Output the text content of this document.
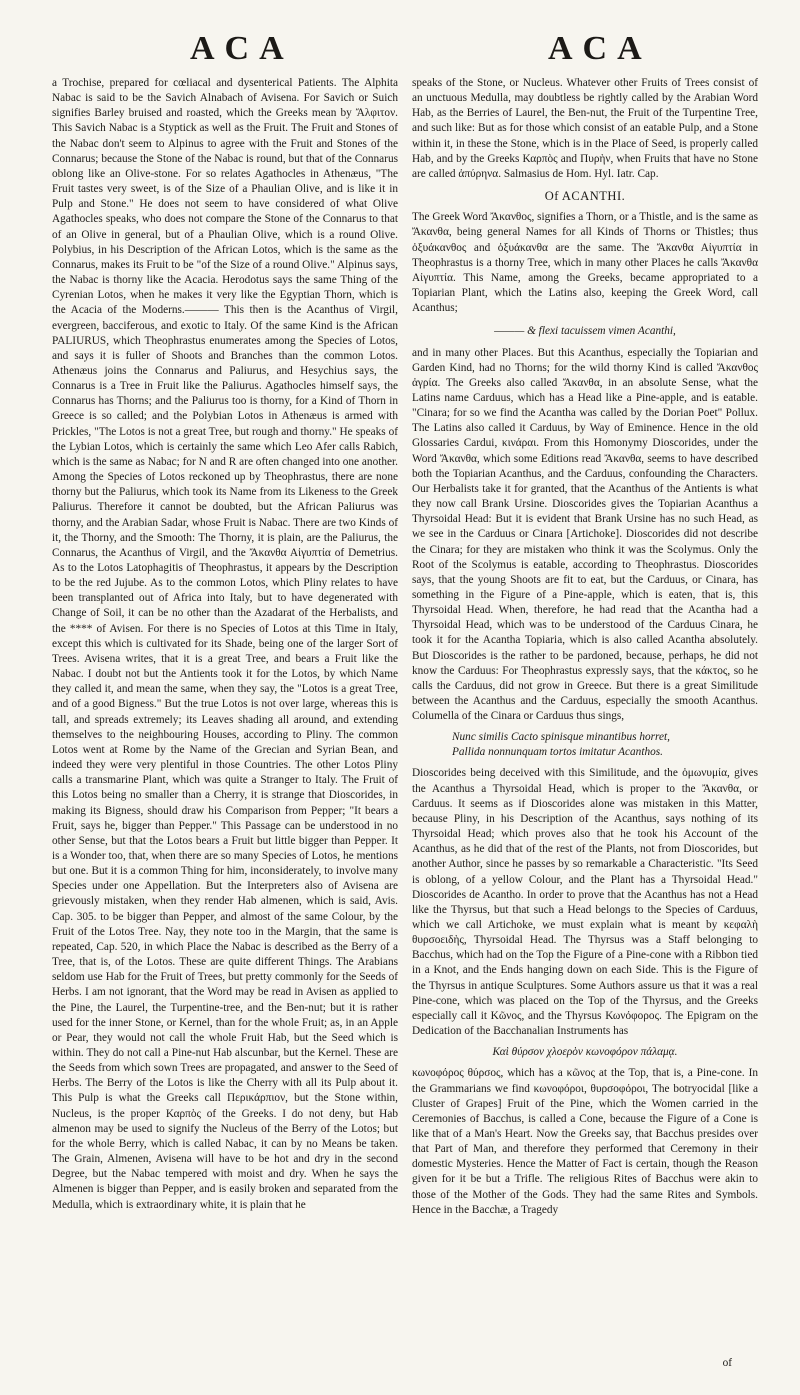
ACA	ACA

a Trochise, prepared for cœliacal and dysenterical Patients. The Alphita Nabac is said to be the Savich Alnabach of Avisena. For Savich or Suich signifies Barley bruised and roasted, which the Greeks mean by Ἄλφιτον. This Savich Nabac is a Styptick as well as the Fruit. The Fruit and Stones of the Nabac don't seem to Alpinus to agree with the Fruit and Stones of the Connarus; because the Stone of the Nabac is round, but that of the Connarus oblong like an Olive-stone. For so relates Agathocles in Athenæus, "The Fruit tastes very sweet, is of the Size of a Phaulian Olive, and is like it in Pulp and Stone." He does not seem to have considered of what Olive Agathocles speaks, who does not compare the Stone of the Connarus to that of an Olive in general, but of a Phaulian Olive, which is a round Olive. Polybius, in his Description of the African Lotos, which is the same as the Connarus, makes its Fruit to be "of the Size of a round Olive." Alpinus says, the Nabac is thorny like the Acacia. Herodotus says the same Thing of the Cyrenian Lotos, when he makes it very like the Egyptian Thorn, which is the Acacia of the Moderns.——— This then is the Acanthus of Virgil, evergreen, bacciferous, and exotic to Italy. Of the same Kind is the African PALIURUS, which Theophrastus enumerates among the Species of Lotos, and says it is fuller of Shoots and Branches than the common Lotos. Athenæus joins the Connarus and Paliurus, and Hesychius says, the Connarus is a Tree in Fruit like the Paliurus. Agathocles himself says, the Connarus has Thorns; and the Paliurus too is thorny, for a Kind of Thorn in Greece is so called; and the Polybian Lotos in Athenæus is armed with Prickles, "The Lotos is not a great Tree, but rough and thorny." He speaks of the Lybian Lotos, which is certainly the same which Leo Afer calls Rabich, which is the same as Nabac; for N and R are often changed into one another. Among the Species of Lotos reckoned up by Theophrastus, there are none thorny but the Paliurus, which took its Name from its Likeness to the Greek Paliurus. Therefore it cannot be doubted, but the African Paliurus was thorny, and the Arabian Sadar, whose Fruit is Nabac. There are two Kinds of it, the Thorny, and the Smooth: The Thorny, it is plain, are the Paliurus, the Connarus, the Acanthus of Virgil, and the Ἄκανθα Αἰγυπτία of Demetrius. As to the Lotos Latophagitis of Theophrastus, it appears by the Description to be the red Jujube. As to the common Lotos, which Pliny relates to have been transplanted out of Africa into Italy, but to have degenerated with Change of Soil, it can be no other than the Azadarat of the Herbalists, and the **** of Avisen. For there is no Species of Lotos at this Time in Italy, except this which is cultivated for its Shade, being one of the larger Sort of Trees. Avisena writes, that it is a great Tree, and bears a Fruit like the Nabac. I doubt not but the Antients took it for the Lotos, by which Name they called it, and mean the same, when they say, the "Lotos is a great Tree, and of a good Bigness." But the true Lotos is not over large, whereas this is tall, and spreads extremely; its Leaves shading all around, and extending themselves to the neighbouring Houses, according to Pliny. The common Lotos went at Rome by the Name of the Grecian and Syrian Bean, and indeed they were very plentiful in those Countries. The other Lotos Pliny calls a transmarine Plant, which was quite a Stranger to Italy. The Fruit of this Lotos being no smaller than a Cherry, it is strange that Dioscorides, in making its Bigness, should draw his Comparison from Pepper; "It bears a Fruit, says he, bigger than Pepper." This Passage can be understood in no other Sense, but that the Lotos bears a Fruit but little bigger than Pepper. It is a Wonder too, that, when there are so many Species of Lotos, he mentions but one. But it is a common Thing for him, inconsiderately, to involve many Species under one Appellation. But the Interpreters also of Avisena are grievously mistaken, when they render Hab almenen, which is said, Avis. Cap. 305. to be bigger than Pepper, and almost of the same Colour, by the Fruit of the Lotos Tree. Nay, they note too in the Margin, that the same is repeated, Cap. 520, in which Place the Nabac is described as the Berry of a Tree, that is, of the Lotos. These are quite different Things. The Arabians seldom use Hab for the Fruit of Trees, but pretty commonly for the Seeds of Herbs. I am not ignorant, that the Word may be read in Avisen as applied to the Pine, the Laurel, the Turpentine-tree, and the Ben-nut; but it is rather used for the inner Stone, or Kernel, than for the whole Fruit; as, in an Apple or Pear, they would not call the whole Fruit Hab, but the Seed which is within. They do not call a Pine-nut Hab alscunbar, but the Kernel. These are the Seeds from which sown Trees are propagated, and answer to the Seed of Herbs. The Berry of the Lotos is like the Cherry with all its Pulp about it. This Pulp is what the Greeks call Περικάρπιον, but the Stone within, Nucleus, is the proper Καρπὸς of the Greeks. I do not deny, but Hab almenon may be used to signify the Nucleus of the Berry of the Lotos; but for the whole Berry, which is called Nabac, it can by no Means be taken. The Grain, Almenen, Avisena will have to be hot and dry in the second Degree, but the Nabac tempered with moist and dry. When he says the Almenen is bigger than Pepper, and is easily broken and separated from the Medulla, which is extraordinary white, it is plain that he

speaks of the Stone, or Nucleus. Whatever other Fruits of Trees consist of an unctuous Medulla, may doubtless be rightly called by the Arabian Word Hab, as the Berries of Laurel, the Ben-nut, the Fruit of the Turpentine Tree, and such like: But as for those which consist of an eatable Pulp, and a Stone within it, in these the Stone, which is in the Place of Seed, is properly called Hab, and by the Greeks Καρπὸς and Πυρὴν, when Fruits that have no Stone are called ἀπύρηνα. Salmasius de Hom. Hyl. Iatr. Cap.

Of ACANTHI.

The Greek Word Ἄκανθος, signifies a Thorn, or a Thistle, and is the same as Ἄκανθα, being general Names for all Kinds of Thorns or Thistles; thus ὀξυάκανθος and ὀξυάκανθα are the same. The Ἄκανθα Αἰγυπτία in Theophrastus is a thorny Tree, which in many other Places he calls Ἄκανθα Αἰγυπτία. This Name, among the Greeks, became appropriated to a Topiarian Plant, which the Latins also, keeping the Greek Word, call Acanthus;

——— & flexi tacuissem vimen Acanthi,

and in many other Places. But this Acanthus, especially the Topiarian and Garden Kind, had no Thorns; for the wild thorny Kind is called Ἄκανθος ἀγρία. The Greeks also called Ἄκανθα, in an absolute Sense, what the Latins name Carduus, which has a Head like a Pine-apple, and is eatable. "Cinara; for so we find the Acantha was called by the Dorian Poet" Pollux. The Latins also called it Carduus, by Way of Eminence. Hence in the old Glossaries Cardui, κινάραι. From this Homonymy Dioscorides, under the Word Ἄκανθα, which some Editions read Ἄκανθα, seems to have described both the Topiarian Acanthus, and the Carduus, confounding the Characters. Our Herbalists take it for granted, that the Acanthus of the Antients is what they now call Brank Ursine. Dioscorides gives the Topiarian Acanthus a Thyrsoidal Head: But it is evident that Brank Ursine has no such Head, as we see in the Carduus or Cinara [Artichoke]. Dioscorides did not describe the Cinara; for they are mistaken who think it was the Scolymus. Only the Root of the Scolymus is eatable, according to Theophrastus. Dioscorides says, that the young Shoots are fit to eat, but the Carduus, or Cinara, has something in the Figure of a Pine-apple, which is eaten, that is, this Thyrsoidal Head. When, therefore, he had read that the Acantha had a Thyrsoidal Head, which was to be understood of the Carduus Cinara, he took it for the Acantha Topiaria, which is also called Acantha absolutely. But Dioscorides is the rather to be pardoned, because, perhaps, he did not know the Carduus: For Theophrastus expressly says, that the κάκτος, so he calls the Carduus, did not grow in Greece. But there is a great Similitude between the Acanthus and the Carduus, especially the smooth Acanthus. Columella of the Cinara or Carduus thus sings,

Nunc similis Cacto spinisque minantibus horret,
Pallida nonnunquam tortos imitatur Acanthos.

Dioscorides being deceived with this Similitude, and the ὁμωνυμία, gives the Acanthus a Thyrsoidal Head, which is proper to the Ἄκανθα, or Carduus. It seems as if Dioscorides alone was mistaken in this Matter, because Pliny, in his Description of the Acanthus, says nothing of its Thyrsoidal Head; which proves also that he took his Account of the Acanthus, as he did that of the rest of the Plants, not from Dioscorides, but another Author, since he passes by so remarkable a Characteristic. "Its Seed is oblong, of a yellow Colour, and the Plant has a Thyrsoidal Head." Dioscorides de Acantho. In order to prove that the Acanthus has not a Head like the Thyrsus, but that such a Head belongs to the Species of Carduus, which we call Artichoke, we must explain what is meant by κεφαλὴ θυρσοειδὴς, Thyrsoidal Head. The Thyrsus was a Staff belonging to Bacchus, which had on the Top the Figure of a Pine-cone with a Ribbon tied in a Knot, and the Ends hanging down on each Side. This is the Figure of the Thyrsus in antique Sculptures. Some Authors assure us that it was a real Pine-cone, which was placed on the Top of the Thyrsus, and the Greeks especially call it Κῶνος, and the Thyrsus Κωνόφορος. The Epigram on the Dedication of the Bacchanalian Instruments has

Καὶ θύρσον χλοερὸν κωνοφόρον πάλαμᾳ.

κωνοφόρος θύρσος, which has a κῶνος at the Top, that is, a Pine-cone. In the Grammarians we find κωνοφόροι, θυρσοφόροι, The botryocidal [like a Cluster of Grapes] Fruit of the Pine, which the Women carried in the Ceremonies of Bacchus, is called a Cone, because the Figure of a Cone is like that of a Man's Heart. Now the Greeks say, that Bacchus presides over that Part of Man, and therefore they performed that Ceremony in their domestic Mysteries. Hence the Matter of Fact is certain, though the Reason given for it be but a Trifle. The religious Rites of Bacchus were akin to those of the Mother of the Gods. They had the same Rites and Symbols. Hence in the Bacchæ, a Tragedy

of
